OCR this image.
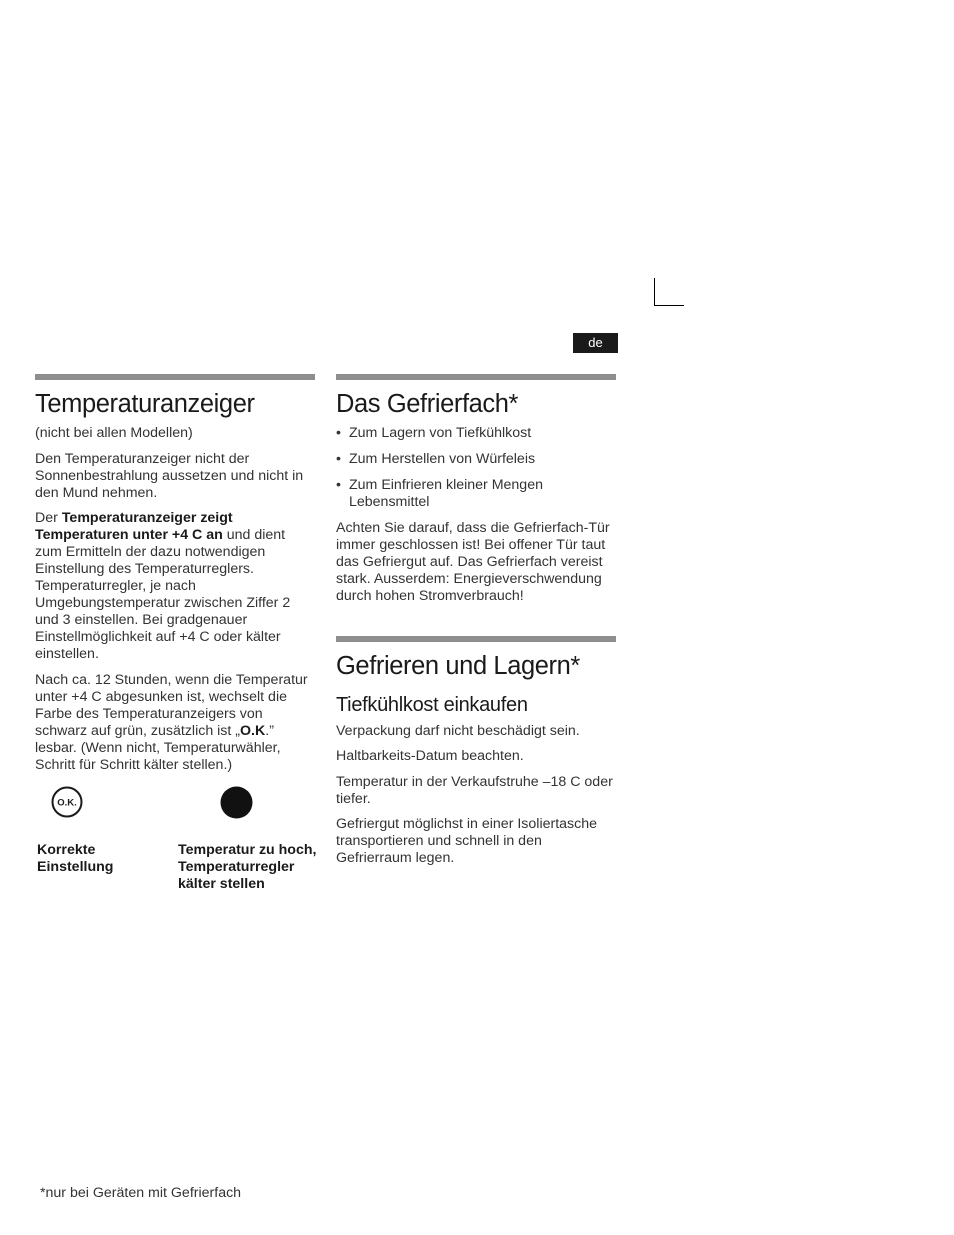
de
Temperaturanzeiger

(nicht bei allen Modellen)

Den Temperaturanzeiger nicht der Sonnenbestrahlung aussetzen und nicht in den Mund nehmen.

Der Temperaturanzeiger zeigt Temperaturen unter +4 C an und dient zum Ermitteln der dazu notwendigen Einstellung des Temperaturreglers. Temperaturregler, je nach Umgebungstemperatur zwischen Ziffer 2 und 3 einstellen. Bei gradgenauer Einstellmöglichkeit auf +4 C oder kälter einstellen.

Nach ca. 12 Stunden, wenn die Temperatur unter +4 C abgesunken ist, wechselt die Farbe des Temperaturanzeigers von schwarz auf grün, zusätzlich ist „O.K.” lesbar. (Wenn nicht, Temperaturwähler, Schritt für Schritt kälter stellen.)

O.K.
Korrekte Einstellung
Temperatur zu hoch, Temperaturregler kälter stellen
Das Gefrierfach*
• Zum Lagern von Tiefkühlkost
• Zum Herstellen von Würfeleis
• Zum Einfrieren kleiner Mengen Lebensmittel

Achten Sie darauf, dass die Gefrierfach-Tür immer geschlossen ist! Bei offener Tür taut das Gefriergut auf. Das Gefrierfach vereist stark. Ausserdem: Energieverschwendung durch hohen Stromverbrauch!

Gefrieren und Lagern*
Tiefkühlkost einkaufen

Verpackung darf nicht beschädigt sein.

Haltbarkeits-Datum beachten.

Temperatur in der Verkaufstruhe –18 C oder tiefer.

Gefriergut möglichst in einer Isoliertasche transportieren und schnell in den Gefrierraum legen.

*nur bei Geräten mit Gefrierfach
